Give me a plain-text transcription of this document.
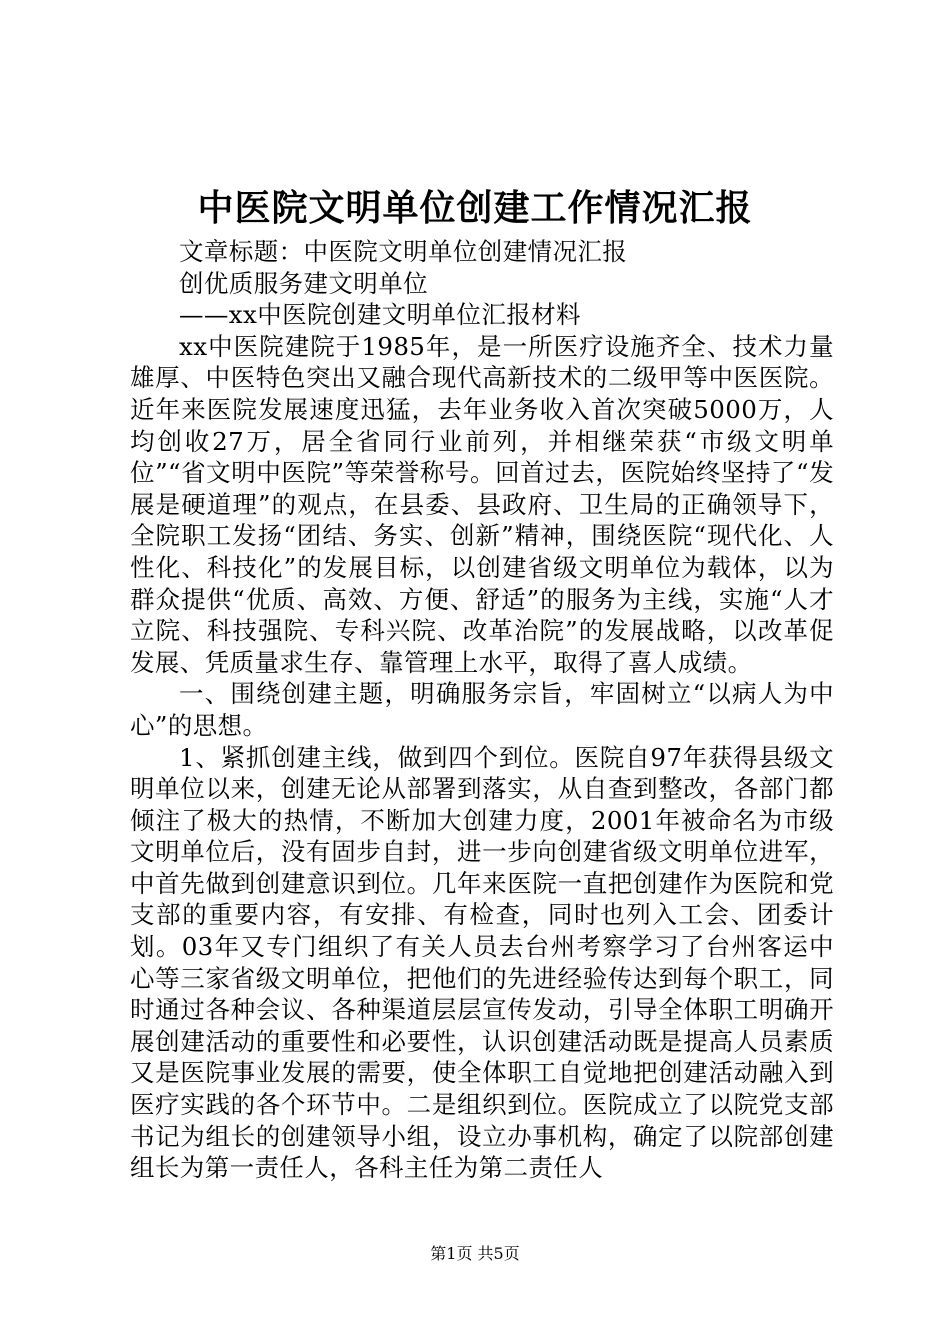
中医院文明单位创建工作情况汇报

文章标题：中医院文明单位创建情况汇报

创优质服务建文明单位

——xx中医院创建文明单位汇报材料

xx中医院建院于1985年，是一所医疗设施齐全、技术力量雄厚、中医特色突出又融合现代高新技术的二级甲等中医医院。近年来医院发展速度迅猛，去年业务收入首次突破5000万，人均创收27万，居全省同行业前列，并相继荣获“市级文明单位”“省文明中医院”等荣誉称号。回首过去，医院始终坚持了“发展是硬道理”的观点，在县委、县政府、卫生局的正确领导下，全院职工发扬“团结、务实、创新”精神，围绕医院“现代化、人性化、科技化”的发展目标，以创建省级文明单位为载体，以为群众提供“优质、高效、方便、舒适”的服务为主线，实施“人才立院、科技强院、专科兴院、改革治院”的发展战略，以改革促发展、凭质量求生存、靠管理上水平，取得了喜人成绩。

一、围绕创建主题，明确服务宗旨，牢固树立“以病人为中心”的思想。

1、紧抓创建主线，做到四个到位。医院自97年获得县级文明单位以来，创建无论从部署到落实，从自查到整改，各部门都倾注了极大的热情，不断加大创建力度，2001年被命名为市级文明单位后，没有固步自封，进一步向创建省级文明单位进军，中首先做到创建意识到位。几年来医院一直把创建作为医院和党支部的重要内容，有安排、有检查，同时也列入工会、团委计划。03年又专门组织了有关人员去台州考察学习了台州客运中心等三家省级文明单位，把他们的先进经验传达到每个职工，同时通过各种会议、各种渠道层层宣传发动，引导全体职工明确开展创建活动的重要性和必要性，认识创建活动既是提高人员素质又是医院事业发展的需要，使全体职工自觉地把创建活动融入到医疗实践的各个环节中。二是组织到位。医院成立了以院党支部书记为组长的创建领导小组，设立办事机构，确定了以院部创建组长为第一责任人，各科主任为第二责任人

第1页 共5页
